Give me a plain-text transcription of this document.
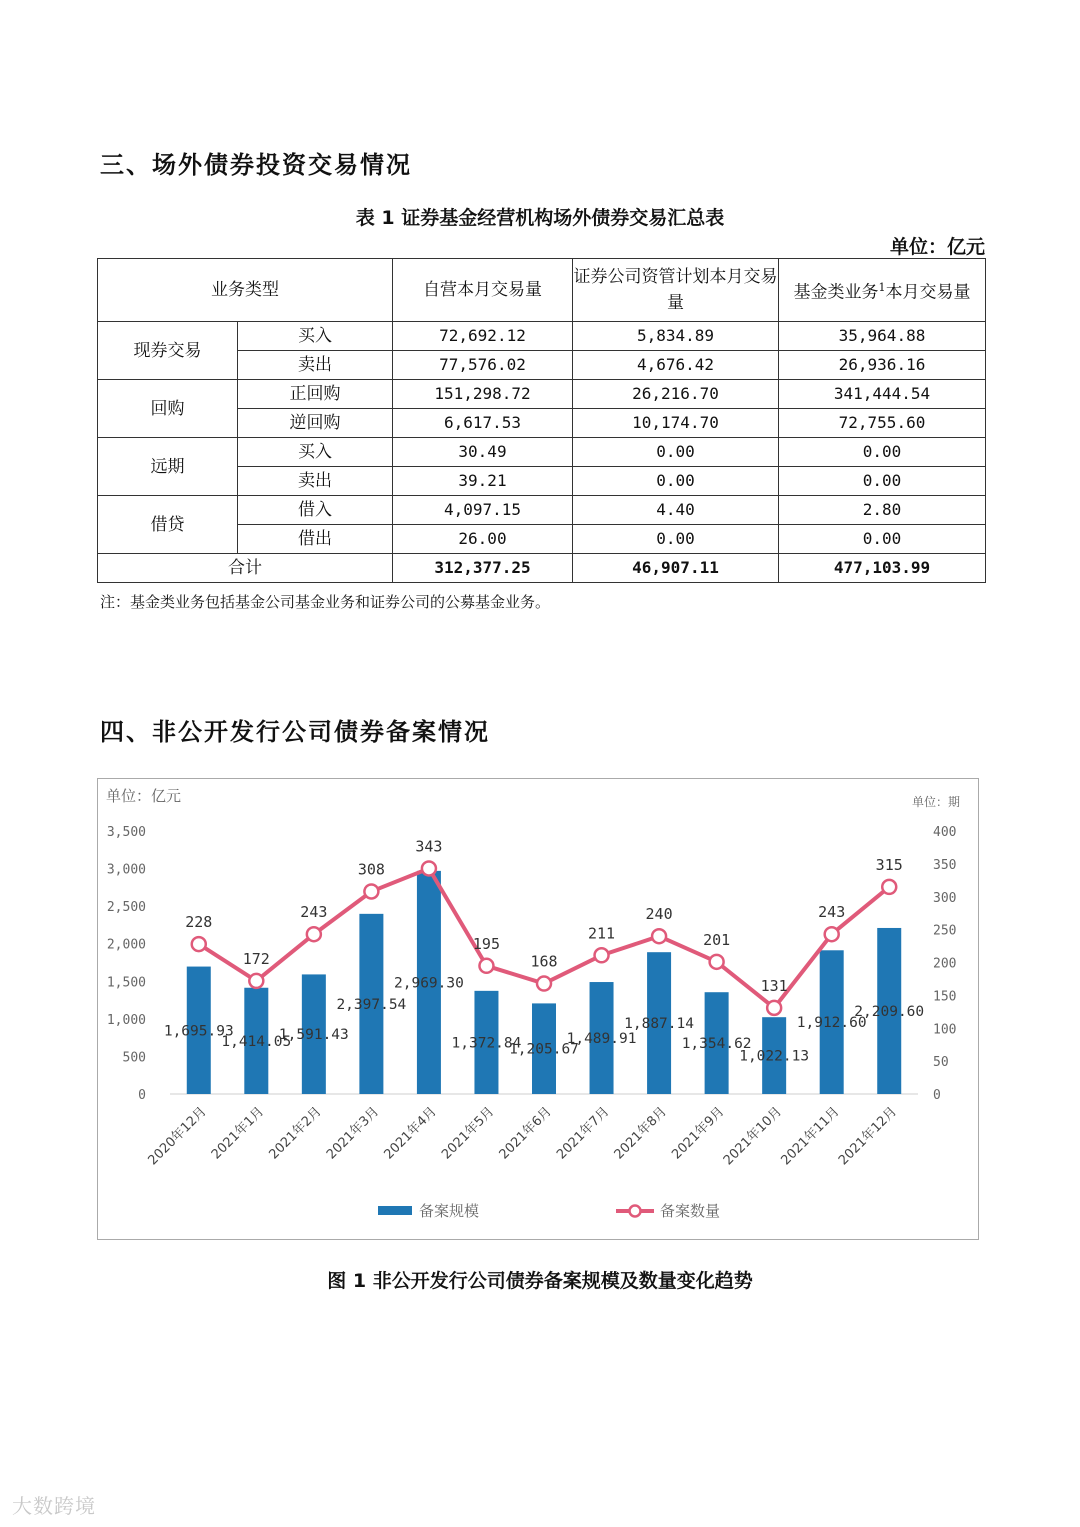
三、场外债券投资交易情况
表 1 证券基金经营机构场外债券交易汇总表
单位：亿元
业务类型		自营本月交易量	证券公司资管计划本月交易量	基金类业务$^1$本月交易量
现券交易	买入	72,692.12	5,834.89	35,964.88
	卖出	77,576.02	4,676.42	26,936.16
回购	正回购	151,298.72	26,216.70	341,444.54
	逆回购	6,617.53	10,174.70	72,755.60
远期	买入	30.49	0.00	0.00
	卖出	39.21	0.00	0.00
借贷	借入	4,097.15	4.40	2.80
	借出	26.00	0.00	0.00
合计		312,377.25	46,907.11	477,103.99
注：基金类业务包括基金公司基金业务和证券公司的公募基金业务。
四、非公开发行公司债券备案情况
单位：亿元	单位：期
0
500
1,000
1,500
2,000
2,500
3,000
3,500
0
50
100
150
200
250
300
350
400
1,695.93
1,414.05
1,591.43
2,397.54
2,969.30
1,372.84
1,205.67
1,489.91
1,887.14
1,354.62
1,022.13
1,912.60
2,209.60
228
172
243
308
343
195
168
211
240
201
131
243
315
2020年12月 2021年1月 2021年2月 2021年3月 2021年4月 2021年5月 2021年6月 2021年7月 2021年8月 2021年9月
2021年10月
2021年11月
2021年12月
备案规模	备案数量
图 1 非公开发行公司债券备案规模及数量变化趋势
大数跨境
